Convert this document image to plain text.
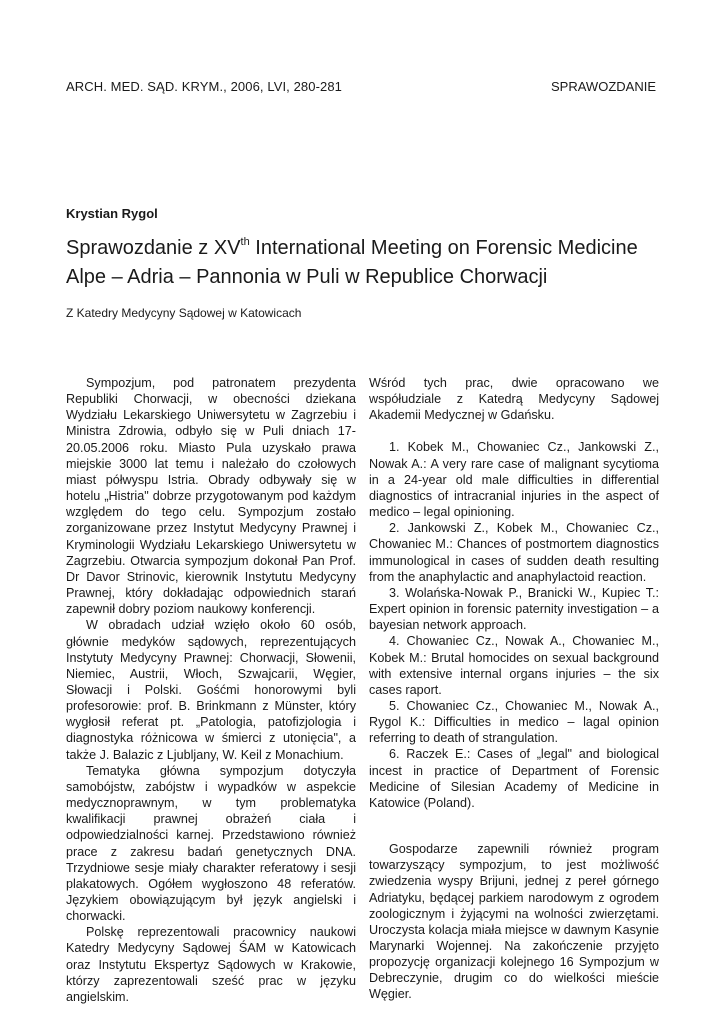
ARCH. MED. SĄD. KRYM., 2006, LVI, 280-281	SPRAWOZDANIE
Krystian Rygol
Sprawozdanie z XVth International Meeting on Forensic Medicine Alpe – Adria – Pannonia w Puli w Republice Chorwacji
Z Katedry Medycyny Sądowej w Katowicach

Sympozjum, pod patronatem prezydenta Republiki Chorwacji, w obecności dziekana Wydziału Lekarskiego Uniwersytetu w Zagrzebiu i Ministra Zdrowia, odbyło się w Puli dniach 17-20.05.2006 roku. Miasto Pula uzyskało prawa miejskie 3000 lat temu i należało do czołowych miast półwyspu Istria. Obrady odbywały się w hotelu „Histria" dobrze przygotowanym pod każdym względem do tego celu. Sympozjum zostało zorganizowane przez Instytut Medycyny Prawnej i Kryminologii Wydziału Lekarskiego Uniwersytetu w Zagrzebiu. Otwarcia sympozjum dokonał Pan Prof. Dr Davor Strinovic, kierownik Instytutu Medycyny Prawnej, który dokładając odpowiednich starań zapewnił dobry poziom naukowy konferencji.

W obradach udział wzięło około 60 osób, głównie medyków sądowych, reprezentujących Instytuty Medycyny Prawnej: Chorwacji, Słowenii, Niemiec, Austrii, Włoch, Szwajcarii, Węgier, Słowacji i Polski. Gośćmi honorowymi byli profesorowie: prof. B. Brinkmann z Münster, który wygłosił referat pt. „Patologia, patofizjologia i diagnostyka różnicowa w śmierci z utonięcia", a także J. Balazic z Ljubljany, W. Keil z Monachium.

Tematyka główna sympozjum dotyczyła samobójstw, zabójstw i wypadków w aspekcie medycznoprawnym, w tym problematyka kwalifikacji prawnej obrażeń ciała i odpowiedzialności karnej. Przedstawiono również prace z zakresu badań genetycznych DNA. Trzydniowe sesje miały charakter referatowy i sesji plakatowych. Ogółem wygłoszono 48 referatów. Językiem obowiązującym był język angielski i chorwacki.

Polskę reprezentowali pracownicy naukowi Katedry Medycyny Sądowej ŚAM w Katowicach oraz Instytutu Ekspertyz Sądowych w Krakowie, którzy zaprezentowali sześć prac w języku angielskim.

Wśród tych prac, dwie opracowano we współudziale z Katedrą Medycyny Sądowej Akademii Medycznej w Gdańsku.

1. Kobek M., Chowaniec Cz., Jankowski Z., Nowak A.: A very rare case of malignant sycytioma in a 24-year old male difficulties in differential diagnostics of intracranial injuries in the aspect of medico – legal opinioning.
2. Jankowski Z., Kobek M., Chowaniec Cz., Chowaniec M.: Chances of postmortem diagnostics immunological in cases of sudden death resulting from the anaphylactic and anaphylactoid reaction.
3. Wolańska-Nowak P., Branicki W., Kupiec T.: Expert opinion in forensic paternity investigation – a bayesian network approach.
4. Chowaniec Cz., Nowak A., Chowaniec M., Kobek M.: Brutal homocides on sexual background with extensive internal organs injuries – the six cases raport.
5. Chowaniec Cz., Chowaniec M., Nowak A., Rygol K.: Difficulties in medico – lagal opinion referring to death of strangulation.
6. Raczek E.: Cases of „legal" and biological incest in practice of Department of Forensic Medicine of Silesian Academy of Medicine in Katowice (Poland).

Gospodarze zapewnili również program towarzyszący sympozjum, to jest możliwość zwiedzenia wyspy Brijuni, jednej z pereł górnego Adriatyku, będącej parkiem narodowym z ogrodem zoologicznym i żyjącymi na wolności zwierzętami. Uroczysta kolacja miała miejsce w dawnym Kasynie Marynarki Wojennej. Na zakończenie przyjęto propozycję organizacji kolejnego 16 Sympozjum w Debreczynie, drugim co do wielkości mieście Węgier.
